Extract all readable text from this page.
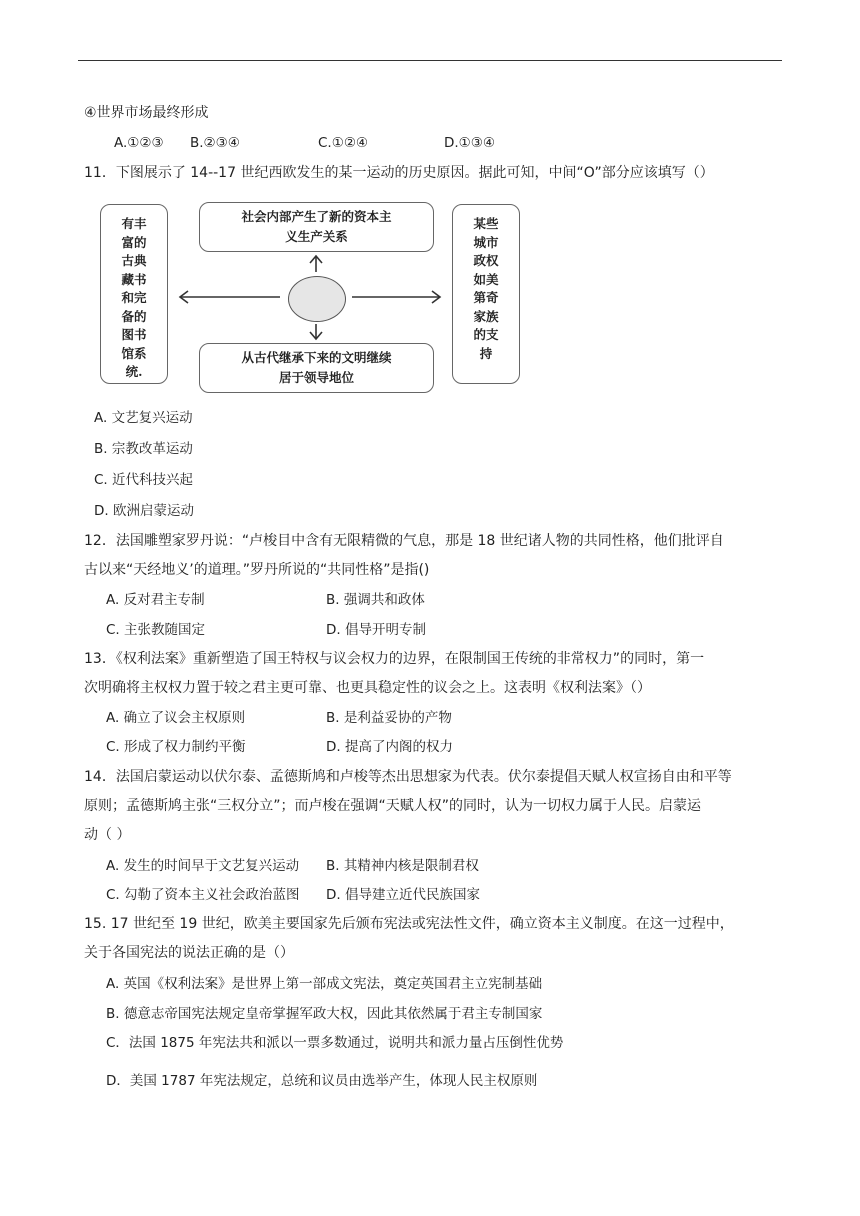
④世界市场最终形成
A.①②③ B.②③④	C.①②④	D.①③④
11．下图展示了 14--17 世纪西欧发生的某一运动的历史原因。据此可知，中间“O”部分应该填写（）
有丰
富的
古典
藏书
和完
备的
图书
馆系
统.
社会内部产生了新的资本主
义生产关系
从古代继承下来的文明继续
居于领导地位
某些
城市
政权
如美
第奇
家族
的支
持
A. 文艺复兴运动
B. 宗教改革运动
C. 近代科技兴起
D. 欧洲启蒙运动
12．法国雕塑家罗丹说：“卢梭目中含有无限精微的气息，那是 18 世纪诸人物的共同性格，他们批评自
古以来“天经地义’的道理。”罗丹所说的“共同性格”是指()
A. 反对君主专制	B. 强调共和政体
C. 主张教随国定	D. 倡导开明专制
13．《权利法案》重新塑造了国王特权与议会权力的边界，在限制国王传统的非常权力”的同时，第一
次明确将主权权力置于较之君主更可靠、也更具稳定性的议会之上。这表明《权利法案》（）
A. 确立了议会主权原则	B. 是利益妥协的产物
C. 形成了权力制约平衡	D. 提高了内阁的权力
14．法国启蒙运动以伏尔泰、孟德斯鸠和卢梭等杰出思想家为代表。伏尔泰提倡天赋人权宣扬自由和平等
原则；孟德斯鸠主张“三权分立”；而卢梭在强调“天赋人权”的同时，认为一切权力属于人民。启蒙运
动（ ）
A. 发生的时间早于文艺复兴运动 B. 其精神内核是限制君权
C. 勾勒了资本主义社会政治蓝图 D. 倡导建立近代民族国家
15. 17 世纪至 19 世纪，欧美主要国家先后颁布宪法或宪法性文件，确立资本主义制度。在这一过程中，
关于各国宪法的说法正确的是（）
A. 英国《权利法案》是世界上第一部成文宪法，奠定英国君主立宪制基础
B. 德意志帝国宪法规定皇帝掌握军政大权，因此其依然属于君主专制国家
C．法国 1875 年宪法共和派以一票多数通过，说明共和派力量占压倒性优势
D．美国 1787 年宪法规定，总统和议员由选举产生，体现人民主权原则
